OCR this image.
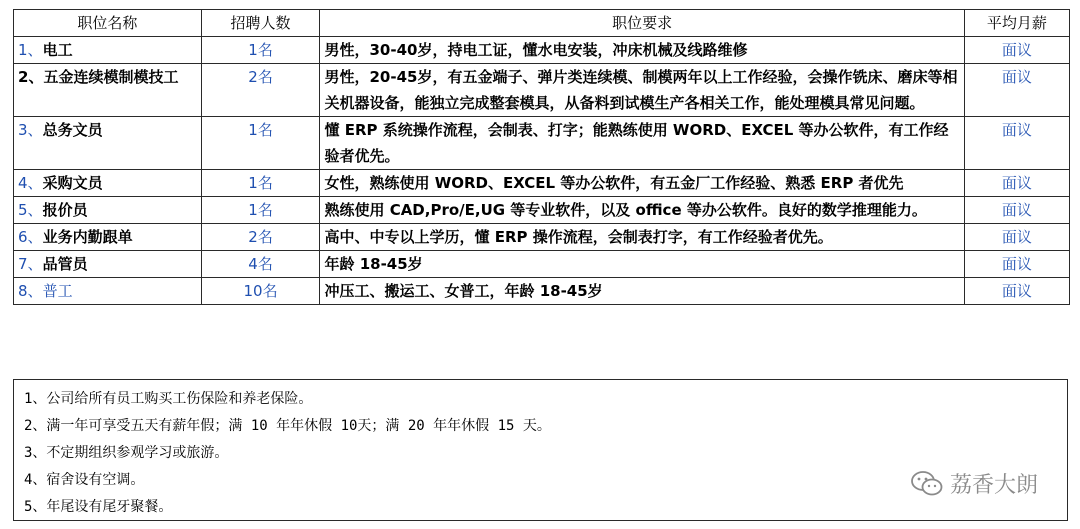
职位名称	招聘人数	职位要求	平均月薪
1、电工	1名	男性，30-40岁，持电工证，懂水电安装，冲床机械及线路维修	面议
2、五金连续模制模技工	2名	男性，20-45岁，有五金端子、弹片类连续模、制模两年以上工作经验，会操作铣床、磨床等相关机器设备，能独立完成整套模具，从备料到试模生产各相关工作，能处理模具常见问题。	面议
3、总务文员	1名	懂 ERP 系统操作流程，会制表、打字；能熟练使用 WORD、EXCEL 等办公软件，有工作经验者优先。	面议
4、采购文员	1名	女性，熟练使用 WORD、EXCEL 等办公软件，有五金厂工作经验、熟悉 ERP 者优先	面议
5、报价员	1名	熟练使用 CAD,Pro/E,UG 等专业软件，以及 office 等办公软件。良好的数学推理能力。	面议
6、业务内勤跟单	2名	高中、中专以上学历，懂 ERP 操作流程，会制表打字，有工作经验者优先。	面议
7、品管员	4名	年龄 18-45岁	面议
8、普工	10名	冲压工、搬运工、女普工，年龄 18-45岁	面议
1、公司给所有员工购买工伤保险和养老保险。
2、满一年可享受五天有薪年假；满 10 年年休假 10天；满 20 年年休假 15 天。
3、不定期组织参观学习或旅游。
4、宿舍设有空调。
5、年尾设有尾牙聚餐。
荔香大朗
